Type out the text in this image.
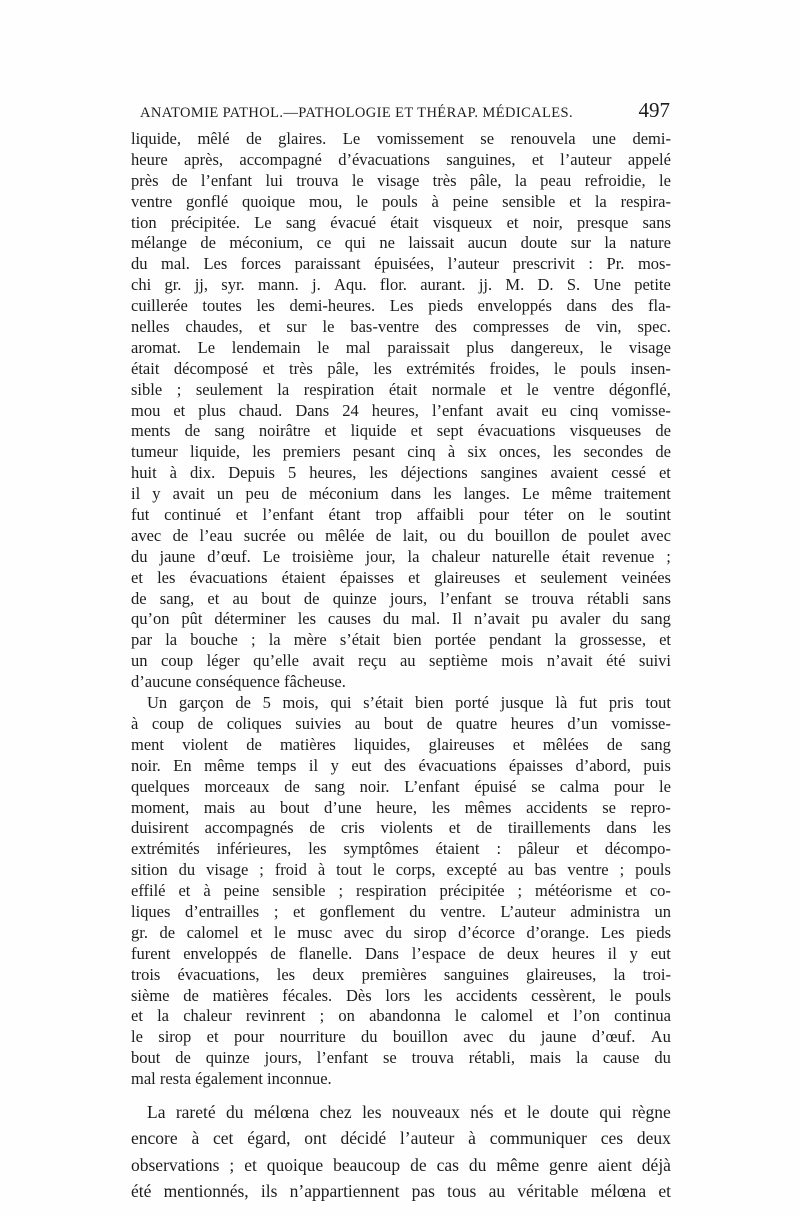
ANATOMIE PATHOL.—PATHOLOGIE ET THÉRAP. MÉDICALES.	497
liquide, mêlé de glaires. Le vomissement se renouvela une demi-
heure après, accompagné d’évacuations sanguines, et l’auteur appelé
près de l’enfant lui trouva le visage très pâle, la peau refroidie, le
ventre gonflé quoique mou, le pouls à peine sensible et la respira-
tion précipitée. Le sang évacué était visqueux et noir, presque sans
mélange de méconium, ce qui ne laissait aucun doute sur la nature
du mal. Les forces paraissant épuisées, l’auteur prescrivit : Pr. mos-
chi gr. jj, syr. mann. j. Aqu. flor. aurant. jj. M. D. S. Une petite
cuillerée toutes les demi-heures. Les pieds enveloppés dans des fla-
nelles chaudes, et sur le bas-ventre des compresses de vin, spec.
aromat. Le lendemain le mal paraissait plus dangereux, le visage
était décomposé et très pâle, les extrémités froides, le pouls insen-
sible ; seulement la respiration était normale et le ventre dégonflé,
mou et plus chaud. Dans 24 heures, l’enfant avait eu cinq vomisse-
ments de sang noirâtre et liquide et sept évacuations visqueuses de
tumeur liquide, les premiers pesant cinq à six onces, les secondes de
huit à dix. Depuis 5 heures, les déjections sangines avaient cessé et
il y avait un peu de méconium dans les langes. Le même traitement
fut continué et l’enfant étant trop affaibli pour téter on le soutint
avec de l’eau sucrée ou mêlée de lait, ou du bouillon de poulet avec
du jaune d’œuf. Le troisième jour, la chaleur naturelle était revenue ;
et les évacuations étaient épaisses et glaireuses et seulement veinées
de sang, et au bout de quinze jours, l’enfant se trouva rétabli sans
qu’on pût déterminer les causes du mal. Il n’avait pu avaler du sang
par la bouche ; la mère s’était bien portée pendant la grossesse, et
un coup léger qu’elle avait reçu au septième mois n’avait été suivi
d’aucune conséquence fâcheuse.
Un garçon de 5 mois, qui s’était bien porté jusque là fut pris tout
à coup de coliques suivies au bout de quatre heures d’un vomisse-
ment violent de matières liquides, glaireuses et mêlées de sang
noir. En même temps il y eut des évacuations épaisses d’abord, puis
quelques morceaux de sang noir. L’enfant épuisé se calma pour le
moment, mais au bout d’une heure, les mêmes accidents se repro-
duisirent accompagnés de cris violents et de tiraillements dans les
extrémités inférieures, les symptômes étaient : pâleur et décompo-
sition du visage ; froid à tout le corps, excepté au bas ventre ; pouls
effilé et à peine sensible ; respiration précipitée ; météorisme et co-
liques d’entrailles ; et gonflement du ventre. L’auteur administra un
gr. de calomel et le musc avec du sirop d’écorce d’orange. Les pieds
furent enveloppés de flanelle. Dans l’espace de deux heures il y eut
trois évacuations, les deux premières sanguines glaireuses, la troi-
sième de matières fécales. Dès lors les accidents cessèrent, le pouls
et la chaleur revinrent ; on abandonna le calomel et l’on continua
le sirop et pour nourriture du bouillon avec du jaune d’œuf. Au
bout de quinze jours, l’enfant se trouva rétabli, mais la cause du
mal resta également inconnue.
La rareté du mélœna chez les nouveaux nés et le doute qui règne
encore à cet égard, ont décidé l’auteur à communiquer ces deux
observations ; et quoique beaucoup de cas du même genre aient déjà
été mentionnés, ils n’appartiennent pas tous au véritable mélœna et
